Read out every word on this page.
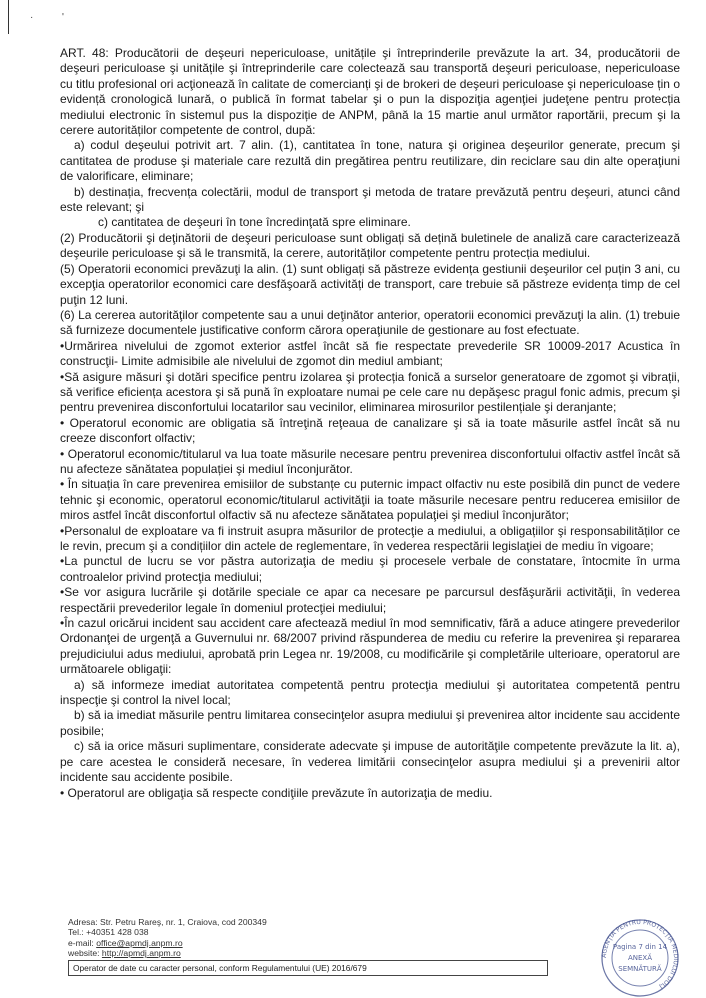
·	'

ART. 48: Producătorii de deşeuri nepericuloase, unitățile şi întreprinderile prevăzute la art. 34, producătorii de deşeuri periculoase şi unitățile şi întreprinderile care colectează sau transportă deşeuri periculoase, nepericuloase cu titlu profesional ori acţionează în calitate de comercianți şi de brokeri de deşeuri periculoase şi nepericuloase țin o evidență cronologică lunară, o publică în format tabelar şi o pun la dispoziţia agenţiei judeţene pentru protecția mediului electronic în sistemul pus la dispoziție de ANPM, până la 15 martie anul următor raportării, precum şi la cerere autorităților competente de control, după:

a) codul deşeului potrivit art. 7 alin. (1), cantitatea în tone, natura şi originea deşeurilor generate, precum şi cantitatea de produse şi materiale care rezultă din pregătirea pentru reutilizare, din reciclare sau din alte operaţiuni de valorificare, eliminare;

b) destinația, frecvența colectării, modul de transport şi metoda de tratare prevăzută pentru deşeuri, atunci când este relevant; şi

c) cantitatea de deşeuri în tone încredinţată spre eliminare.

(2) Producătorii şi deţinătorii de deşeuri periculoase sunt obligați să dețină buletinele de analiză care caracterizează deşeurile periculoase şi să le transmită, la cerere, autorităților competente pentru protecția mediului.

(5) Operatorii economici prevăzuţi la alin. (1) sunt obligați să păstreze evidența gestiunii deşeurilor cel puțin 3 ani, cu excepţia operatorilor economici care desfăşoară activități de transport, care trebuie să păstreze evidența timp de cel puţin 12 luni.

(6) La cererea autorităţilor competente sau a unui deţinător anterior, operatorii economici prevăzuţi la alin. (1) trebuie să furnizeze documentele justificative conform cărora operaţiunile de gestionare au fost efectuate.

•Urmărirea nivelului de zgomot exterior astfel încât să fie respectate prevederile SR 10009-2017 Acustica în construcţii- Limite admisibile ale nivelului de zgomot din mediul ambiant;

•Să asigure măsuri şi dotări specifice pentru izolarea şi protecția fonică a surselor generatoare de zgomot şi vibrații, să verifice eficiența acestora şi să pună în exploatare numai pe cele care nu depăşesc pragul fonic admis, precum şi pentru prevenirea disconfortului locatarilor sau vecinilor, eliminarea mirosurilor pestilențiale şi deranjante;

• Operatorul economic are obligatia să întreţină reţeaua de canalizare şi să ia toate măsurile astfel încât să nu creeze disconfort olfactiv;

• Operatorul economic/titularul va lua toate măsurile necesare pentru prevenirea disconfortului olfactiv astfel încât să nu afecteze sănătatea populației şi mediul înconjurător.

• În situația în care prevenirea emisiilor de substanțe cu puternic impact olfactiv nu este posibilă din punct de vedere tehnic şi economic, operatorul economic/titularul activităţii ia toate măsurile necesare pentru reducerea emisiilor de miros astfel încât disconfortul olfactiv să nu afecteze sănătatea populaţiei şi mediul înconjurător;

•Personalul de exploatare va fi instruit asupra măsurilor de protecţie a mediului, a obligațiilor şi responsabilităților ce le revin, precum şi a condițiilor din actele de reglementare, în vederea respectării legislaţiei de mediu în vigoare;

•La punctul de lucru se vor păstra autorizaţia de mediu şi procesele verbale de constatare, întocmite în urma controalelor privind protecţia mediului;

•Se vor asigura lucrările şi dotările speciale ce apar ca necesare pe parcursul desfăşurării activităţii, în vederea respectării prevederilor legale în domeniul protecţiei mediului;

•În cazul oricărui incident sau accident care afectează mediul în mod semnificativ, fără a aduce atingere prevederilor Ordonanţei de urgenţă a Guvernului nr. 68/2007 privind răspunderea de mediu cu referire la prevenirea şi repararea prejudiciului adus mediului, aprobată prin Legea nr. 19/2008, cu modificările şi completările ulterioare, operatorul are următoarele obligaţii:

a) să informeze imediat autoritatea competentă pentru protecţia mediului şi autoritatea competentă pentru inspecţie şi control la nivel local;

b) să ia imediat măsurile pentru limitarea consecinţelor asupra mediului şi prevenirea altor incidente sau accidente posibile;

c) să ia orice măsuri suplimentare, considerate adecvate şi impuse de autorităţile competente prevăzute la lit. a), pe care acestea le consideră necesare, în vederea limitării consecinţelor asupra mediului şi a prevenirii altor incidente sau accidente posibile.

• Operatorul are obligaţia să respecte condiţiile prevăzute în autorizaţia de mediu.

Adresa: Str. Petru Rareş, nr. 1, Craiova, cod 200349
Tel.: +40351 428 038
e-mail: office@apmdj.anpm.ro
website: http://apmdj.anpm.ro
Operator de date cu caracter personal, conform Regulamentului (UE) 2016/679
AGENŢIA PENTRU PROTECŢIA MEDIULUI DOLJ
Pagina 7 din 14
ANEXĂ
SEMNĂTURĂ
